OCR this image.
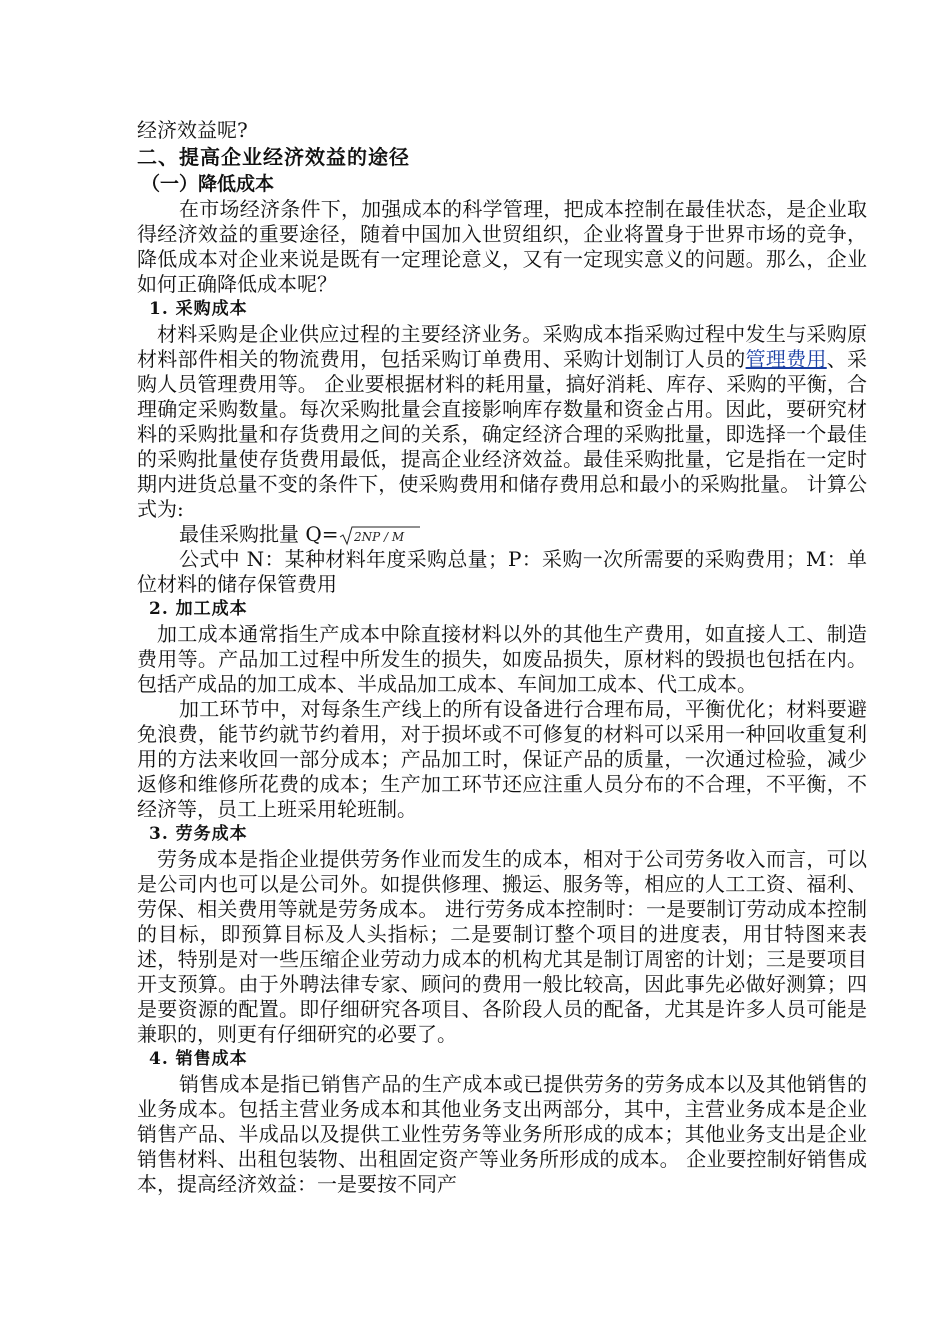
经济效益呢?

二、提高企业经济效益的途径

（一）降低成本

在市场经济条件下，加强成本的科学管理，把成本控制在最佳状态，是企业取得经济效益的重要途径，随着中国加入世贸组织，企业将置身于世界市场的竞争，降低成本对企业来说是既有一定理论意义，又有一定现实意义的问题。那么，企业如何正确降低成本呢？

1. 采购成本

材料采购是企业供应过程的主要经济业务。采购成本指采购过程中发生与采购原材料部件相关的物流费用，包括采购订单费用、采购计划制订人员的管理费用、采购人员管理费用等。 企业要根据材料的耗用量，搞好消耗、库存、采购的平衡，合理确定采购数量。每次采购批量会直接影响库存数量和资金占用。因此，要研究材料的采购批量和存货费用之间的关系，确定经济合理的采购批量，即选择一个最佳的采购批量使存货费用最低，提高企业经济效益。最佳采购批量，它是指在一定时期内进货总量不变的条件下，使采购费用和储存费用总和最小的采购批量。 计算公式为:

最佳采购批量 Q= 2NP / M

公式中 N：某种材料年度采购总量；P：采购一次所需要的采购费用；M：单位材料的储存保管费用

2. 加工成本

加工成本通常指生产成本中除直接材料以外的其他生产费用，如直接人工、制造费用等。产品加工过程中所发生的损失，如废品损失，原材料的毁损也包括在内。 包括产成品的加工成本、半成品加工成本、车间加工成本、代工成本。

加工环节中，对每条生产线上的所有设备进行合理布局，平衡优化；材料要避免浪费，能节约就节约着用，对于损坏或不可修复的材料可以采用一种回收重复利用的方法来收回一部分成本；产品加工时，保证产品的质量，一次通过检验，减少返修和维修所花费的成本；生产加工环节还应注重人员分布的不合理，不平衡，不经济等，员工上班采用轮班制。

3. 劳务成本

劳务成本是指企业提供劳务作业而发生的成本，相对于公司劳务收入而言，可以是公司内也可以是公司外。如提供修理、搬运、服务等，相应的人工工资、福利、劳保、相关费用等就是劳务成本。 进行劳务成本控制时：一是要制订劳动成本控制的目标，即预算目标及人头指标；二是要制订整个项目的进度表，用甘特图来表述，特别是对一些压缩企业劳动力成本的机构尤其是制订周密的计划；三是要项目开支预算。由于外聘法律专家、顾问的费用一般比较高，因此事先必做好测算；四是要资源的配置。即仔细研究各项目、各阶段人员的配备，尤其是许多人员可能是兼职的，则更有仔细研究的必要了。

4. 销售成本

销售成本是指已销售产品的生产成本或已提供劳务的劳务成本以及其他销售的业务成本。包括主营业务成本和其他业务支出两部分，其中，主营业务成本是企业销售产品、半成品以及提供工业性劳务等业务所形成的成本；其他业务支出是企业销售材料、出租包装物、出租固定资产等业务所形成的成本。 企业要控制好销售成本，提高经济效益：一是要按不同产
